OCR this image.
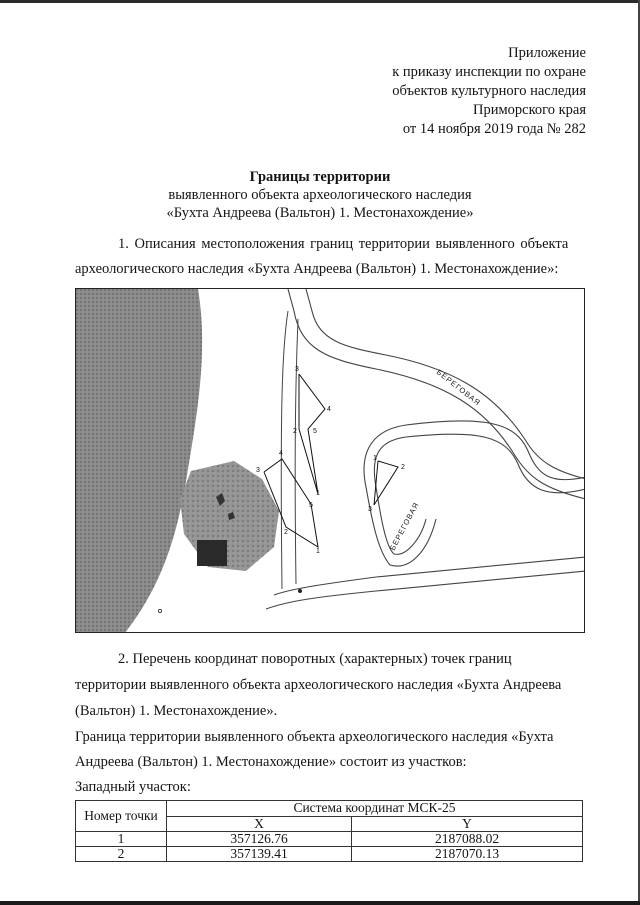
Приложение
к приказу инспекции по охране
объектов культурного наследия
Приморского края
от 14 ноября 2019 года № 282
Границы территории
выявленного объекта археологического наследия
«Бухта Андреева (Вальтон) 1. Местонахождение»
1. Описания местоположения границ территории выявленного объекта
археологического наследия «Бухта Андреева (Вальтон) 1. Местонахождение»:
БЕРЕГОВАЯ
БЕРЕГОВАЯ
3
4
2 5
1
3
4
2
5
1
1
2
3
2. Перечень координат поворотных (характерных) точек границ
территории выявленного объекта археологического наследия «Бухта Андреева
(Вальтон) 1. Местонахождение».
Граница территории выявленного объекта археологического наследия «Бухта
Андреева (Вальтон) 1. Местонахождение» состоит из участков:
Западный участок:
Номер точки	Система координат МСК-25	
	X	Y
1	357126.76	2187088.02
2	357139.41	2187070.13
